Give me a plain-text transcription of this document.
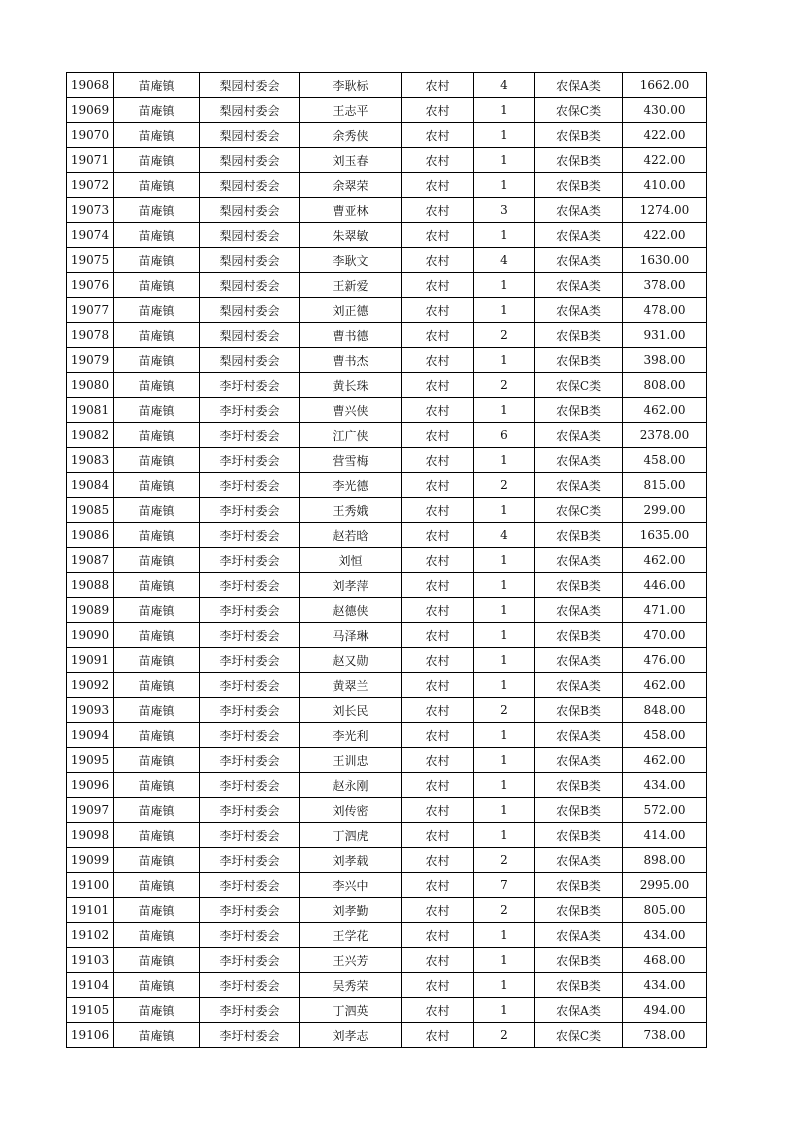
19068	苗庵镇	梨园村委会	李耿标	农村	4	农保A类	1662.00
19069	苗庵镇	梨园村委会	王志平	农村	1	农保C类	430.00
19070	苗庵镇	梨园村委会	余秀侠	农村	1	农保B类	422.00
19071	苗庵镇	梨园村委会	刘玉春	农村	1	农保B类	422.00
19072	苗庵镇	梨园村委会	余翠荣	农村	1	农保B类	410.00
19073	苗庵镇	梨园村委会	曹亚林	农村	3	农保A类	1274.00
19074	苗庵镇	梨园村委会	朱翠敏	农村	1	农保A类	422.00
19075	苗庵镇	梨园村委会	李耿文	农村	4	农保A类	1630.00
19076	苗庵镇	梨园村委会	王新爱	农村	1	农保A类	378.00
19077	苗庵镇	梨园村委会	刘正德	农村	1	农保A类	478.00
19078	苗庵镇	梨园村委会	曹书德	农村	2	农保B类	931.00
19079	苗庵镇	梨园村委会	曹书杰	农村	1	农保B类	398.00
19080	苗庵镇	李圩村委会	黄长珠	农村	2	农保C类	808.00
19081	苗庵镇	李圩村委会	曹兴侠	农村	1	农保B类	462.00
19082	苗庵镇	李圩村委会	江广侠	农村	6	农保A类	2378.00
19083	苗庵镇	李圩村委会	营雪梅	农村	1	农保A类	458.00
19084	苗庵镇	李圩村委会	李光德	农村	2	农保A类	815.00
19085	苗庵镇	李圩村委会	王秀娥	农村	1	农保C类	299.00
19086	苗庵镇	李圩村委会	赵若晗	农村	4	农保B类	1635.00
19087	苗庵镇	李圩村委会	刘恒	农村	1	农保A类	462.00
19088	苗庵镇	李圩村委会	刘孝萍	农村	1	农保B类	446.00
19089	苗庵镇	李圩村委会	赵德侠	农村	1	农保A类	471.00
19090	苗庵镇	李圩村委会	马泽琳	农村	1	农保B类	470.00
19091	苗庵镇	李圩村委会	赵又勋	农村	1	农保A类	476.00
19092	苗庵镇	李圩村委会	黄翠兰	农村	1	农保A类	462.00
19093	苗庵镇	李圩村委会	刘长民	农村	2	农保B类	848.00
19094	苗庵镇	李圩村委会	李光利	农村	1	农保A类	458.00
19095	苗庵镇	李圩村委会	王训忠	农村	1	农保A类	462.00
19096	苗庵镇	李圩村委会	赵永刚	农村	1	农保B类	434.00
19097	苗庵镇	李圩村委会	刘传密	农村	1	农保B类	572.00
19098	苗庵镇	李圩村委会	丁泗虎	农村	1	农保B类	414.00
19099	苗庵镇	李圩村委会	刘孝载	农村	2	农保A类	898.00
19100	苗庵镇	李圩村委会	李兴中	农村	7	农保B类	2995.00
19101	苗庵镇	李圩村委会	刘孝勤	农村	2	农保B类	805.00
19102	苗庵镇	李圩村委会	王学花	农村	1	农保A类	434.00
19103	苗庵镇	李圩村委会	王兴芳	农村	1	农保B类	468.00
19104	苗庵镇	李圩村委会	吴秀荣	农村	1	农保B类	434.00
19105	苗庵镇	李圩村委会	丁泗英	农村	1	农保A类	494.00
19106	苗庵镇	李圩村委会	刘孝志	农村	2	农保C类	738.00
